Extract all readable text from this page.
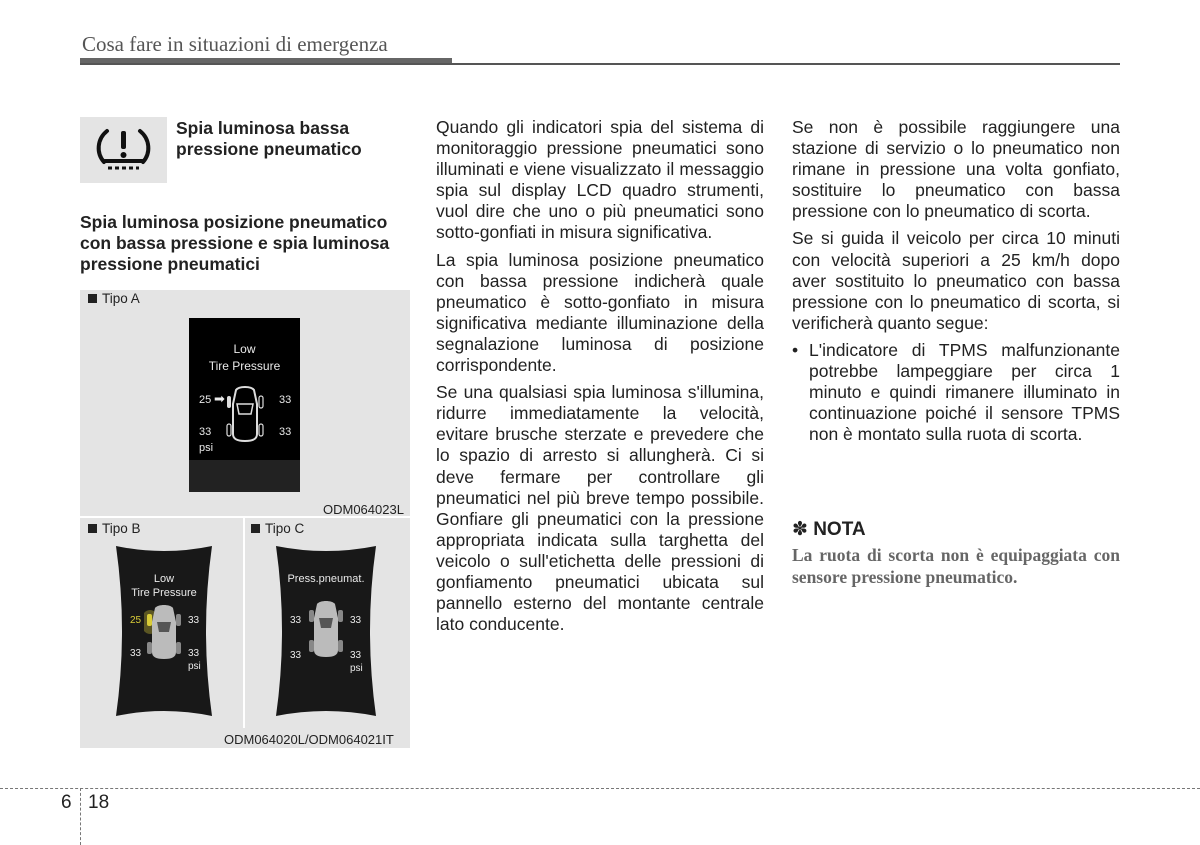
Cosa fare in situazioni di emergenza
Spia luminosa bassa pressione pneumatico
Spia luminosa posizione pneumatico con bassa pressione e spia luminosa pressione pneumatici
Tipo A
Low
Tire Pressure
25 ➡	33
33	33
psi
ODM064023L
Tipo B	Tipo C
Low
Tire Pressure
25	33
33	33
psi
Press.pneumat.
33	33
33	33
psi
ODM064020L/ODM064021IT

Quando gli indicatori spia del sistema di monitoraggio pressione pneumatici sono illuminati e viene visualizzato il messaggio spia sul display LCD quadro strumenti, vuol dire che uno o più pneumatici sono sotto-gonfiati in misura significativa.

La spia luminosa posizione pneumatico con bassa pressione indicherà quale pneumatico è sotto-gonfiato in misura significativa mediante illuminazione della segnalazione luminosa di posizione corrispondente.

Se una qualsiasi spia luminosa s'illumina, ridurre immediatamente la velocità, evitare brusche sterzate e prevedere che lo spazio di arresto si allungherà. Ci si deve fermare per controllare gli pneumatici nel più breve tempo possibile. Gonfiare gli pneumatici con la pressione appropriata indicata sulla targhetta del veicolo o sull'etichetta delle pressioni di gonfiamento pneumatici ubicata sul pannello esterno del montante centrale lato conducente.

Se non è possibile raggiungere una stazione di servizio o lo pneumatico non rimane in pressione una volta gonfiato, sostituire lo pneumatico con bassa pressione con lo pneumatico di scorta.

Se si guida il veicolo per circa 10 minuti con velocità superiori a 25 km/h dopo aver sostituito lo pneumatico con bassa pressione con lo pneumatico di scorta, si verificherà quanto segue:

• L'indicatore di TPMS malfunzionante potrebbe lampeggiare per circa 1 minuto e quindi rimanere illuminato in continuazione poiché il sensore TPMS non è montato sulla ruota di scorta.
✽ NOTA
La ruota di scorta non è equipaggiata con sensore pressione pneumatico.
6 18
